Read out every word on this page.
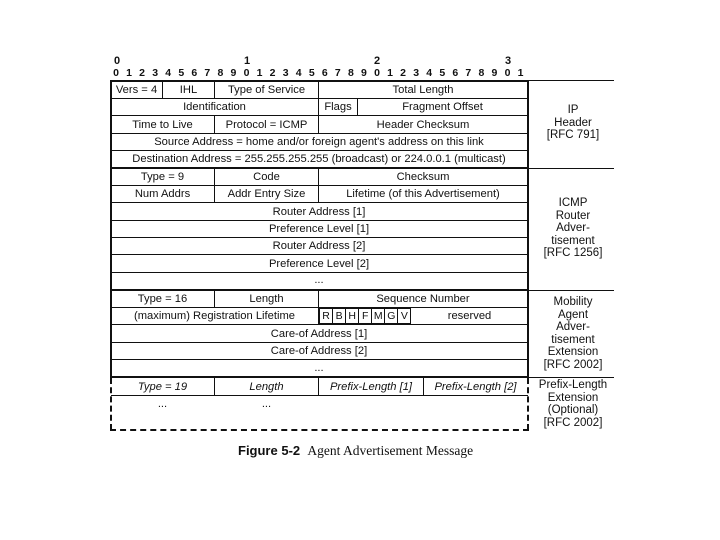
0	1	2	3
0 1 2 3 4 5 6 7 8 9 0 1 2 3 4 5 6 7 8 9 0 1 2 3 4 5 6 7 8 9 0 1
Vers = 4	IHL	Type of Service	Total Length
Identification	Flags	Fragment Offset
Time to Live	Protocol = ICMP	Header Checksum
Source Address = home and/or foreign agent's address on this link
Destination Address = 255.255.255.255 (broadcast) or 224.0.0.1 (multicast)
Type = 9	Code	Checksum
Num Addrs	Addr Entry Size	Lifetime (of this Advertisement)
Router Address [1]
Preference Level [1]
Router Address [2]
Preference Level [2]
...
Type = 16	Length	Sequence Number
(maximum) Registration Lifetime	R B H F M G V	reserved
Care-of Address [1]
Care-of Address [2]
...
Type = 19	Length	Prefix-Length [1]	Prefix-Length [2]
...	...
IP
Header
[RFC 791]
ICMP
Router
Adver-
tisement
[RFC 1256]
Mobility
Agent
Adver-
tisement
Extension
[RFC 2002]
Prefix-Length
Extension
(Optional)
[RFC 2002]
Figure 5-2 Agent Advertisement Message
